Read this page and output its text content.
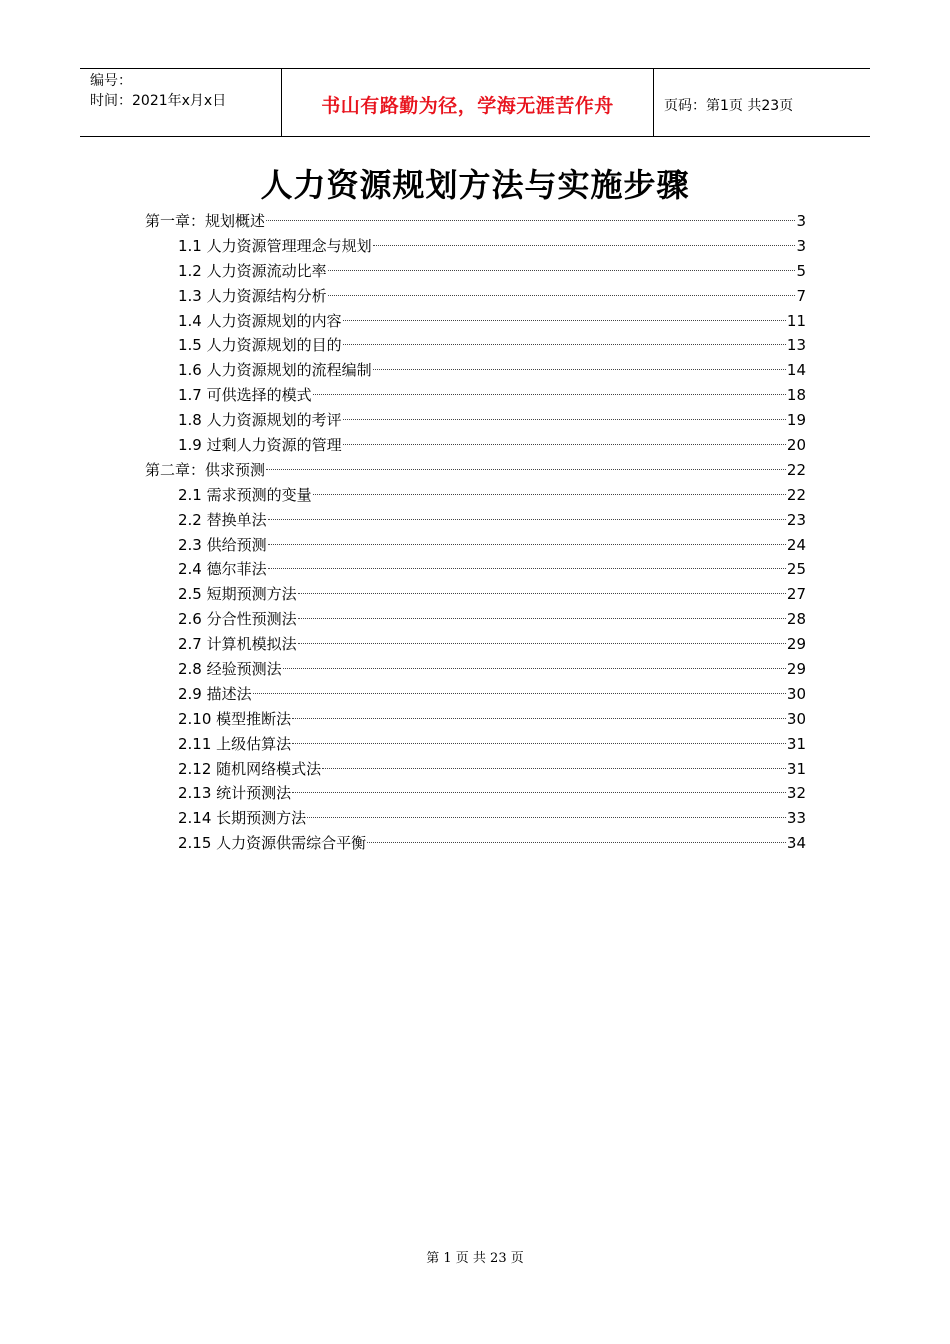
编号：
时间：2021年x月x日	书山有路勤为径，学海无涯苦作舟	页码：第1页 共23页
人力资源规划方法与实施步骤
第一章：规划概述	3
1.1 人力资源管理理念与规划	3
1.2 人力资源流动比率	5
1.3 人力资源结构分析	7
1.4 人力资源规划的内容	11
1.5 人力资源规划的目的	13
1.6 人力资源规划的流程编制	14
1.7 可供选择的模式	18
1.8 人力资源规划的考评	19
1.9 过剩人力资源的管理	20
第二章：供求预测	22
2.1 需求预测的变量	22
2.2 替换单法	23
2.3 供给预测	24
2.4 德尔菲法	25
2.5 短期预测方法	27
2.6 分合性预测法	28
2.7 计算机模拟法	29
2.8 经验预测法	29
2.9 描述法	30
2.10 模型推断法	30
2.11 上级估算法	31
2.12 随机网络模式法	31
2.13 统计预测法	32
2.14 长期预测方法	33
2.15 人力资源供需综合平衡	34
第 1 页 共 23 页
